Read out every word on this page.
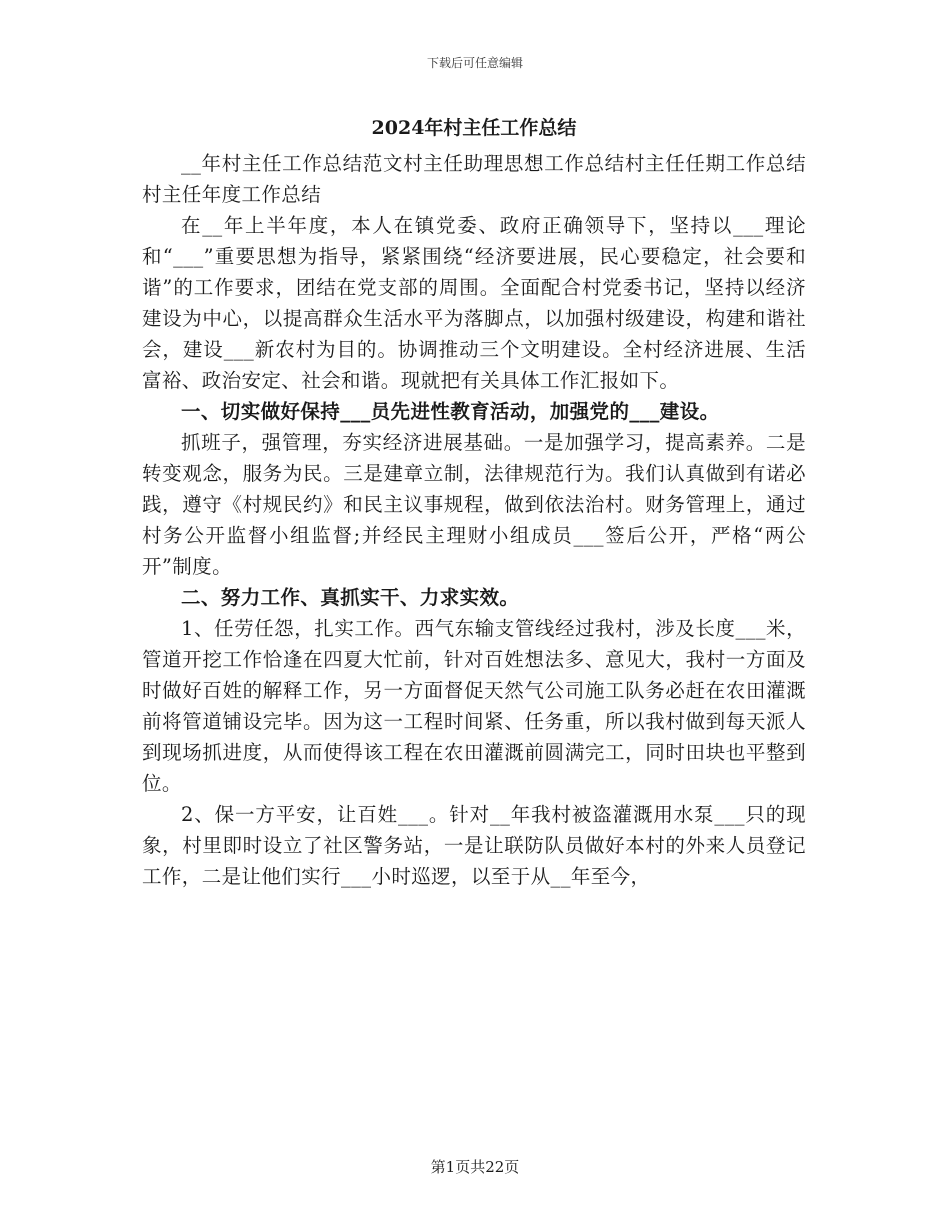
下载后可任意编辑
2024年村主任工作总结

__年村主任工作总结范文村主任助理思想工作总结村主任任期工作总结村主任年度工作总结

在__年上半年度，本人在镇党委、政府正确领导下，坚持以___理论和“___”重要思想为指导，紧紧围绕“经济要进展，民心要稳定，社会要和谐”的工作要求，团结在党支部的周围。全面配合村党委书记，坚持以经济建设为中心，以提高群众生活水平为落脚点，以加强村级建设，构建和谐社会，建设___新农村为目的。协调推动三个文明建设。全村经济进展、生活富裕、政治安定、社会和谐。现就把有关具体工作汇报如下。

一、切实做好保持___员先进性教育活动，加强党的___建设。

抓班子，强管理，夯实经济进展基础。一是加强学习，提高素养。二是转变观念，服务为民。三是建章立制，法律规范行为。我们认真做到有诺必践，遵守《村规民约》和民主议事规程，做到依法治村。财务管理上，通过村务公开监督小组监督;并经民主理财小组成员___签后公开，严格“两公开”制度。

二、努力工作、真抓实干、力求实效。

1、任劳任怨，扎实工作。西气东输支管线经过我村，涉及长度___米，管道开挖工作恰逢在四夏大忙前，针对百姓想法多、意见大，我村一方面及时做好百姓的解释工作，另一方面督促天然气公司施工队务必赶在农田灌溉前将管道铺设完毕。因为这一工程时间紧、任务重，所以我村做到每天派人到现场抓进度，从而使得该工程在农田灌溉前圆满完工，同时田块也平整到位。

2、保一方平安，让百姓___。针对__年我村被盗灌溉用水泵___只的现象，村里即时设立了社区警务站，一是让联防队员做好本村的外来人员登记工作，二是让他们实行___小时巡逻，以至于从__年至今，

第1页共22页
